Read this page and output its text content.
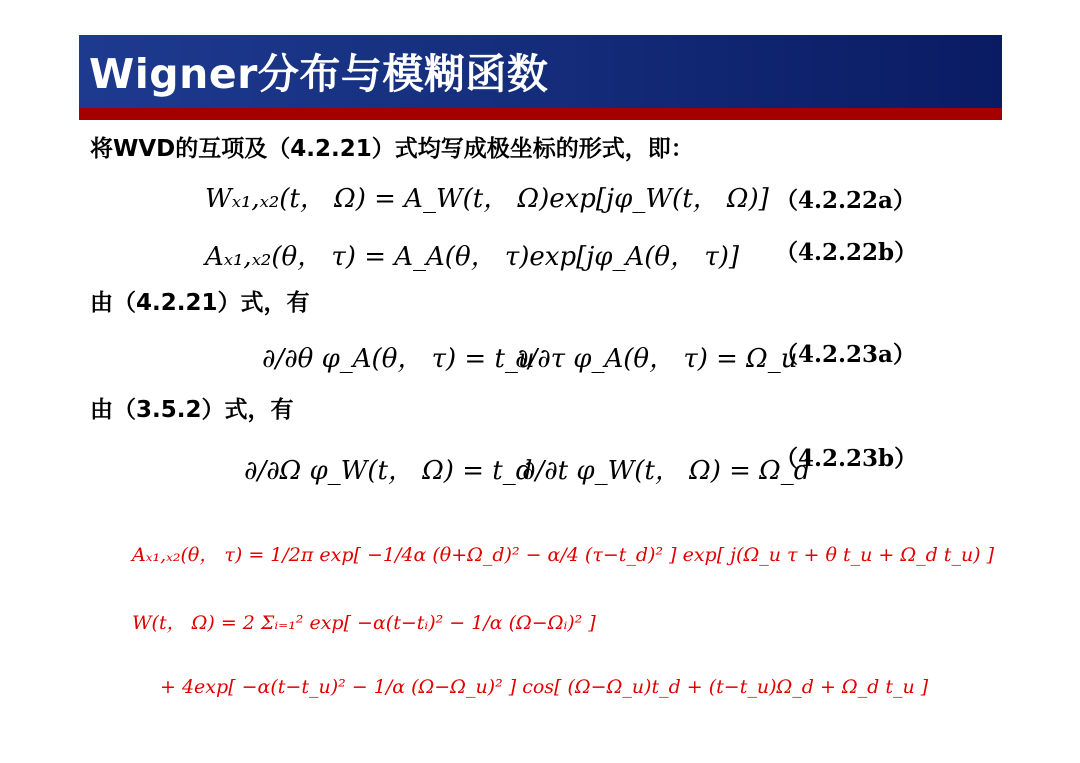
Wigner分布与模糊函数
将WVD的互项及（4.2.21）式均写成极坐标的形式，即：
Wₓ₁,ₓ₂(t， Ω) = A_W(t， Ω)exp[jφ_W(t， Ω)] （4.2.22a）
Aₓ₁,ₓ₂(θ， τ) = A_A(θ， τ)exp[jφ_A(θ， τ)] （4.2.22b）
由（4.2.21）式，有
∂/∂θ φ_A(θ， τ) = t_u
∂/∂τ φ_A(θ， τ) = Ω_u
（4.2.23a）
由（3.5.2）式，有
∂/∂Ω φ_W(t， Ω) = t_d
∂/∂t φ_W(t， Ω) = Ω_d
（4.2.23b）
Aₓ₁,ₓ₂(θ， τ) = 1/2π exp[ −1/4α (θ+Ω_d)² − α/4 (τ−t_d)² ] exp[ j(Ω_u τ + θ t_u + Ω_d t_u) ]
W(t， Ω) = 2 Σᵢ₌₁² exp[ −α(t−tᵢ)² − 1/α (Ω−Ωᵢ)² ]
+ 4exp[ −α(t−t_u)² − 1/α (Ω−Ω_u)² ] cos[ (Ω−Ω_u)t_d + (t−t_u)Ω_d + Ω_d t_u ]
